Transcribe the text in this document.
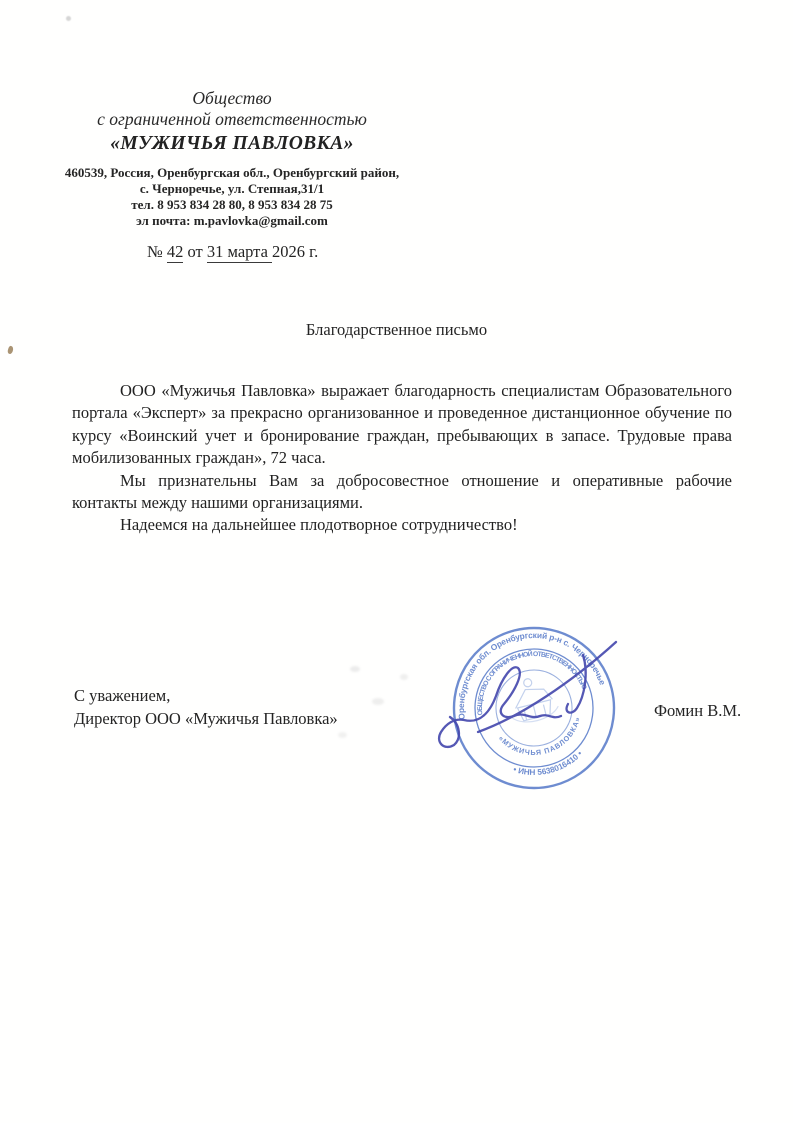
Общество
с ограниченной ответственностью
«МУЖИЧЬЯ ПАВЛОВКА»
460539, Россия, Оренбургская обл., Оренбургский район,
с. Черноречье, ул. Степная,31/1
тел. 8 953 834 28 80, 8 953 834 28 75
эл почта: m.pavlovka@gmail.com
№ 42 от 31 марта 2026 г.
Благодарственное письмо

ООО «Мужичья Павловка» выражает благодарность специалистам Образовательного портала «Эксперт» за прекрасно организованное и проведенное дистанционное обучение по курсу «Воинский учет и бронирование граждан, пребывающих в запасе. Трудовые права мобилизованных граждан», 72 часа.

Мы признательны Вам за добросовестное отношение и оперативные рабочие контакты между нашими организациями.

Надеемся на дальнейшее плодотворное сотрудничество!

С уважением,
Директор ООО «Мужичья Павловка»	Фомин В.М.
Оренбургская обл. Оренбургский р-н с. Черноречье
• ИНН 5638016410 •
ОБЩЕСТВО С ОГРАНИЧЕННОЙ ОТВЕТСТВЕННОСТЬЮ
«МУЖИЧЬЯ ПАВЛОВКА»
